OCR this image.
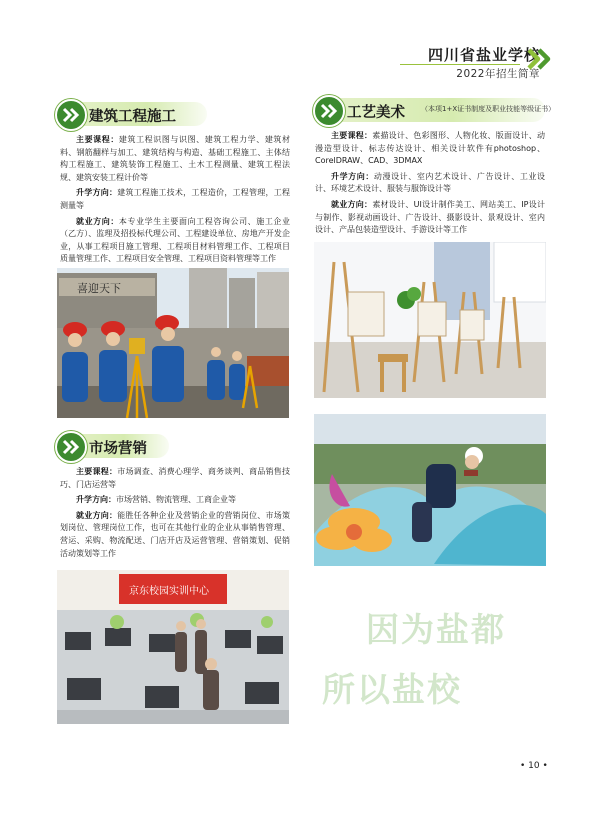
四川省盐业学校
2022年招生简章
建筑工程施工

主要课程：建筑工程识图与识图、建筑工程力学、建筑材料、钢筋翻样与加工、建筑结构与构造、基础工程施工、主体结构工程施工、建筑装饰工程施工、土木工程测量、建筑工程法规、建筑安装工程计价等

升学方向：建筑工程施工技术，工程造价，工程管理，工程测量等

就业方向：本专业学生主要面向工程咨询公司、施工企业（乙方）、监理及招投标代理公司、工程建设单位、房地产开发企业，从事工程项目施工管理、工程项目材料管理工作、工程项目质量管理工作、工程项目安全管理、工程项目资料管理等工作

喜迎天下
市场营销

主要课程：市场调查、消费心理学、商务谈判、商品销售技巧、门店运营等

升学方向：市场营销、物流管理、工商企业等

就业方向：能胜任各种企业及营销企业的营销岗位、市场策划岗位、管理岗位工作，也可在其他行业的企业从事销售管理、营运、采购、物流配送、门店开店及运营管理、营销策划、促销活动策划等工作

京东校园实训中心
工艺美术 （本项1+X证书制度及职业技能等级证书）

主要课程：素描设计、色彩图形、人物化妆、版面设计、动漫造型设计、标志传达设计、相关设计软件有photoshop、CorelDRAW、CAD、3DMAX

升学方向：动漫设计、室内艺术设计、广告设计、工业设计、环境艺术设计、服装与服饰设计等

就业方向：素材设计、UI设计制作美工、网站美工、IP设计与制作、影视动画设计、广告设计、摄影设计、景观设计、室内设计、产品包装造型设计、手游设计等工作

因为盐都
所以盐校
• 10 •
